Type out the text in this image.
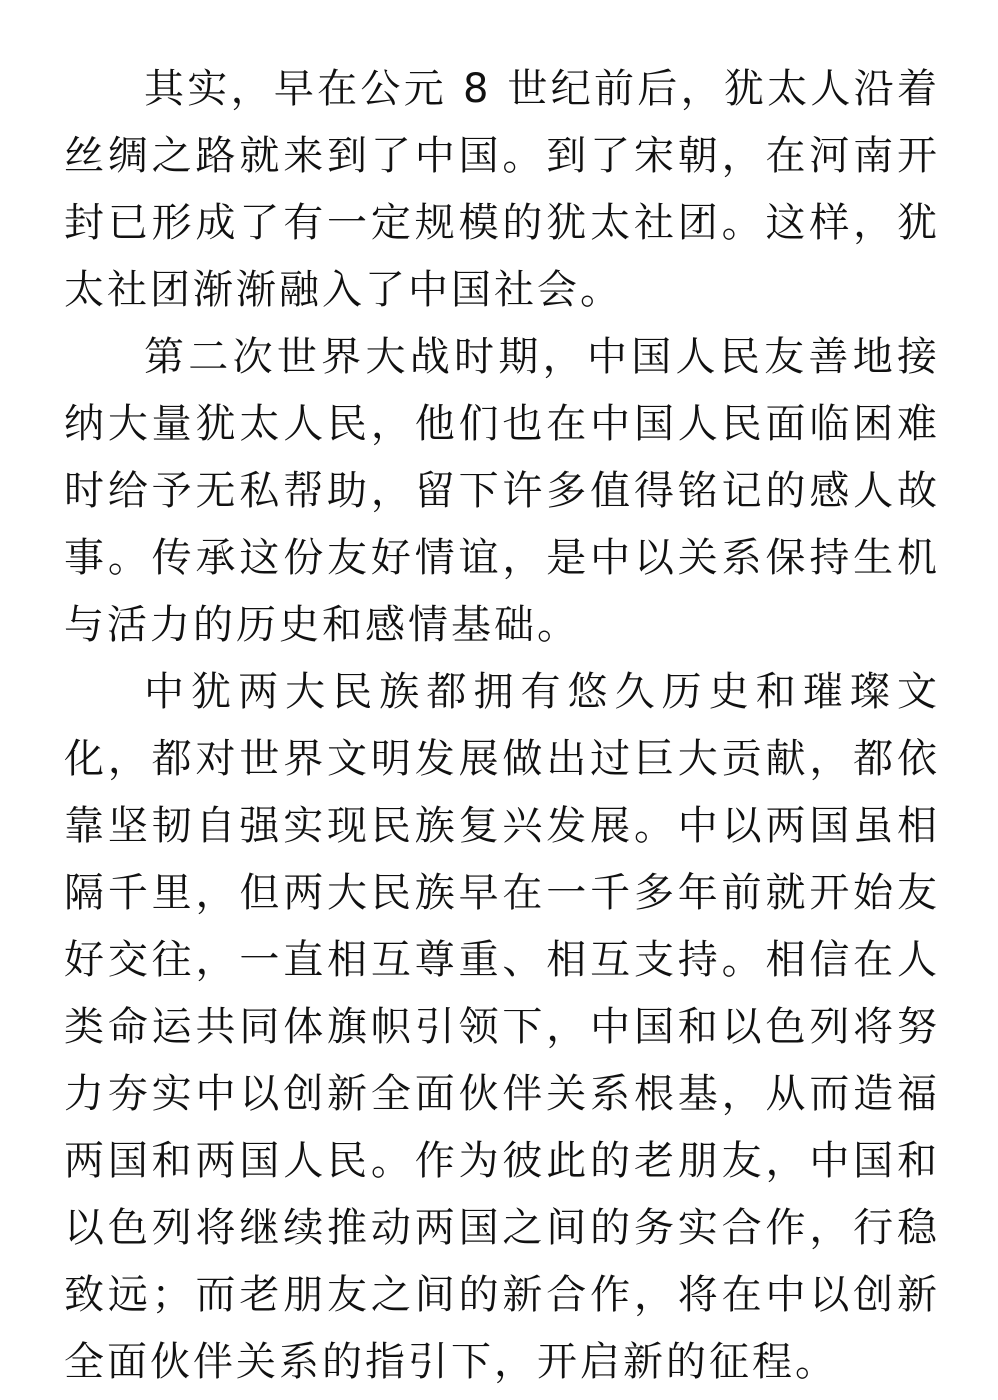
其实，早在公元 8 世纪前后，犹太人沿着丝绸之路就来到了中国。到了宋朝，在河南开封已形成了有一定规模的犹太社团。这样，犹太社团渐渐融入了中国社会。

第二次世界大战时期，中国人民友善地接纳大量犹太人民，他们也在中国人民面临困难时给予无私帮助，留下许多值得铭记的感人故事。传承这份友好情谊，是中以关系保持生机与活力的历史和感情基础。

中犹两大民族都拥有悠久历史和璀璨文化，都对世界文明发展做出过巨大贡献，都依靠坚韧自强实现民族复兴发展。中以两国虽相隔千里，但两大民族早在一千多年前就开始友好交往，一直相互尊重、相互支持。相信在人类命运共同体旗帜引领下，中国和以色列将努力夯实中以创新全面伙伴关系根基，从而造福两国和两国人民。作为彼此的老朋友，中国和以色列将继续推动两国之间的务实合作，行稳致远；而老朋友之间的新合作，将在中以创新全面伙伴关系的指引下，开启新的征程。
